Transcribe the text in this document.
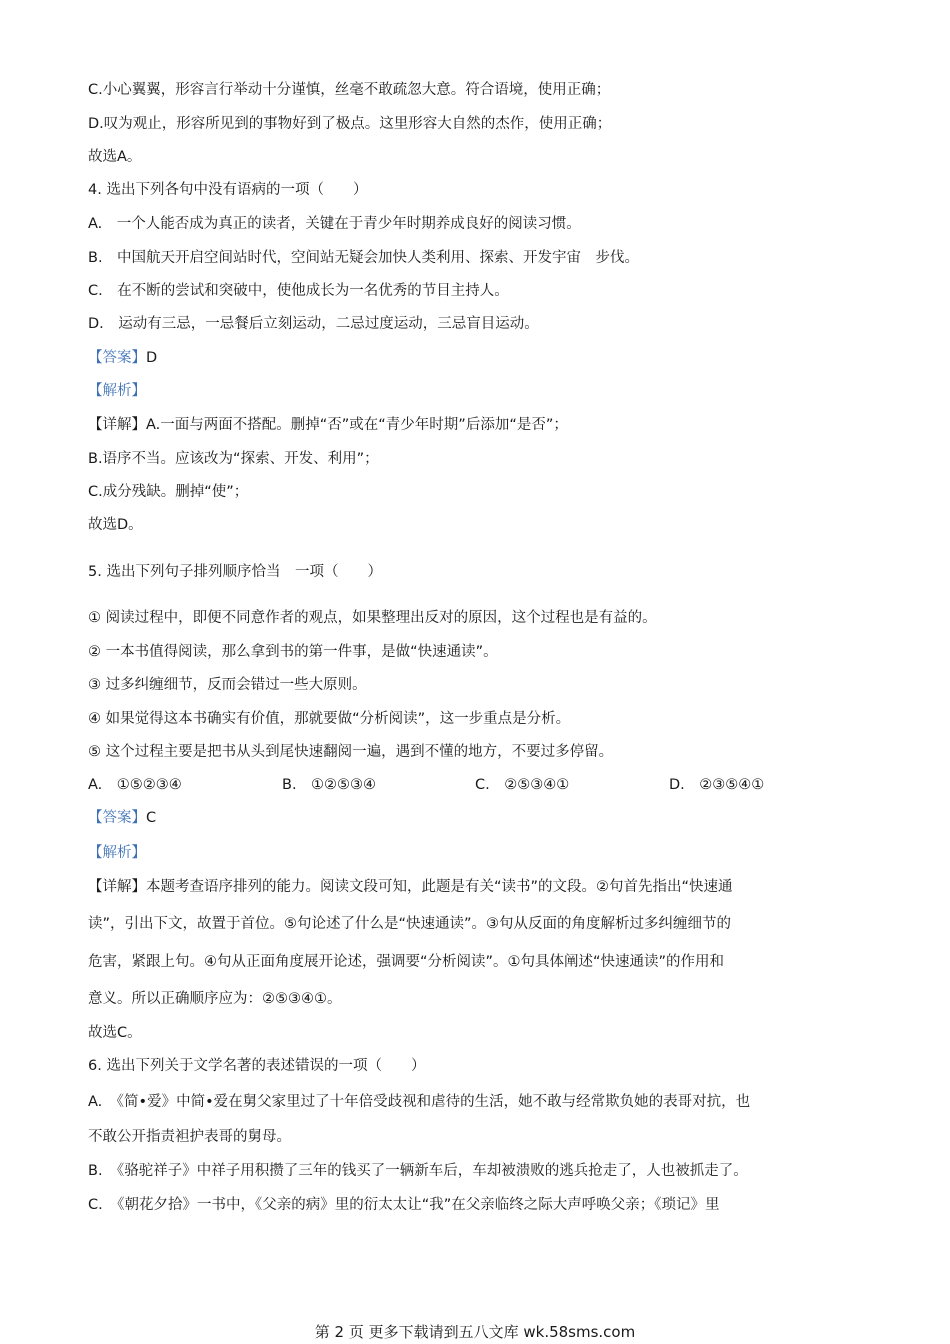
C.小心翼翼，形容言行举动十分谨慎，丝毫不敢疏忽大意。符合语境，使用正确；
D.叹为观止，形容所见到的事物好到了极点。这里形容大自然的杰作，使用正确；
故选A。
4. 选出下列各句中没有语病的一项（　　）
A.　一个人能否成为真正的读者，关键在于青少年时期养成良好的阅读习惯。
B.　中国航天开启空间站时代，空间站无疑会加快人类利用、探索、开发宇宙　步伐。
C.　在不断的尝试和突破中，使他成长为一名优秀的节目主持人。
D.　运动有三忌，一忌餐后立刻运动，二忌过度运动，三忌盲目运动。
【答案】D
【解析】
【详解】A.一面与两面不搭配。删掉“否”或在“青少年时期”后添加“是否”；
B.语序不当。应该改为“探索、开发、利用”；
C.成分残缺。删掉“使”；
故选D。
5. 选出下列句子排列顺序恰当　一项（　　）
① 阅读过程中，即便不同意作者的观点，如果整理出反对的原因，这个过程也是有益的。
② 一本书值得阅读，那么拿到书的第一件事，是做“快速通读”。
③ 过多纠缠细节，反而会错过一些大原则。
④ 如果觉得这本书确实有价值，那就要做“分析阅读”，这一步重点是分析。
⑤ 这个过程主要是把书从头到尾快速翻阅一遍，遇到不懂的地方，不要过多停留。
A.　①⑤②③④	B.　①②⑤③④	C.　②⑤③④①	D.　②③⑤④①
【答案】C
【解析】
【详解】本题考查语序排列的能力。阅读文段可知，此题是有关“读书”的文段。②句首先指出“快速通
读”，引出下文，故置于首位。⑤句论述了什么是“快速通读”。③句从反面的角度解析过多纠缠细节的
危害，紧跟上句。④句从正面角度展开论述，强调要“分析阅读”。①句具体阐述“快速通读”的作用和
意义。所以正确顺序应为：②⑤③④①。
故选C。
6. 选出下列关于文学名著的表述错误的一项（　　）
A.　《简•爱》中简•爱在舅父家里过了十年倍受歧视和虐待的生活，她不敢与经常欺负她的表哥对抗，也
不敢公开指责袒护表哥的舅母。
B.　《骆驼祥子》中祥子用积攒了三年的钱买了一辆新车后，车却被溃败的逃兵抢走了，人也被抓走了。
C.　《朝花夕拾》一书中，《父亲的病》里的衍太太让“我”在父亲临终之际大声呼唤父亲；《琐记》里
第 2 页 更多下载请到五八文库 wk.58sms.com
